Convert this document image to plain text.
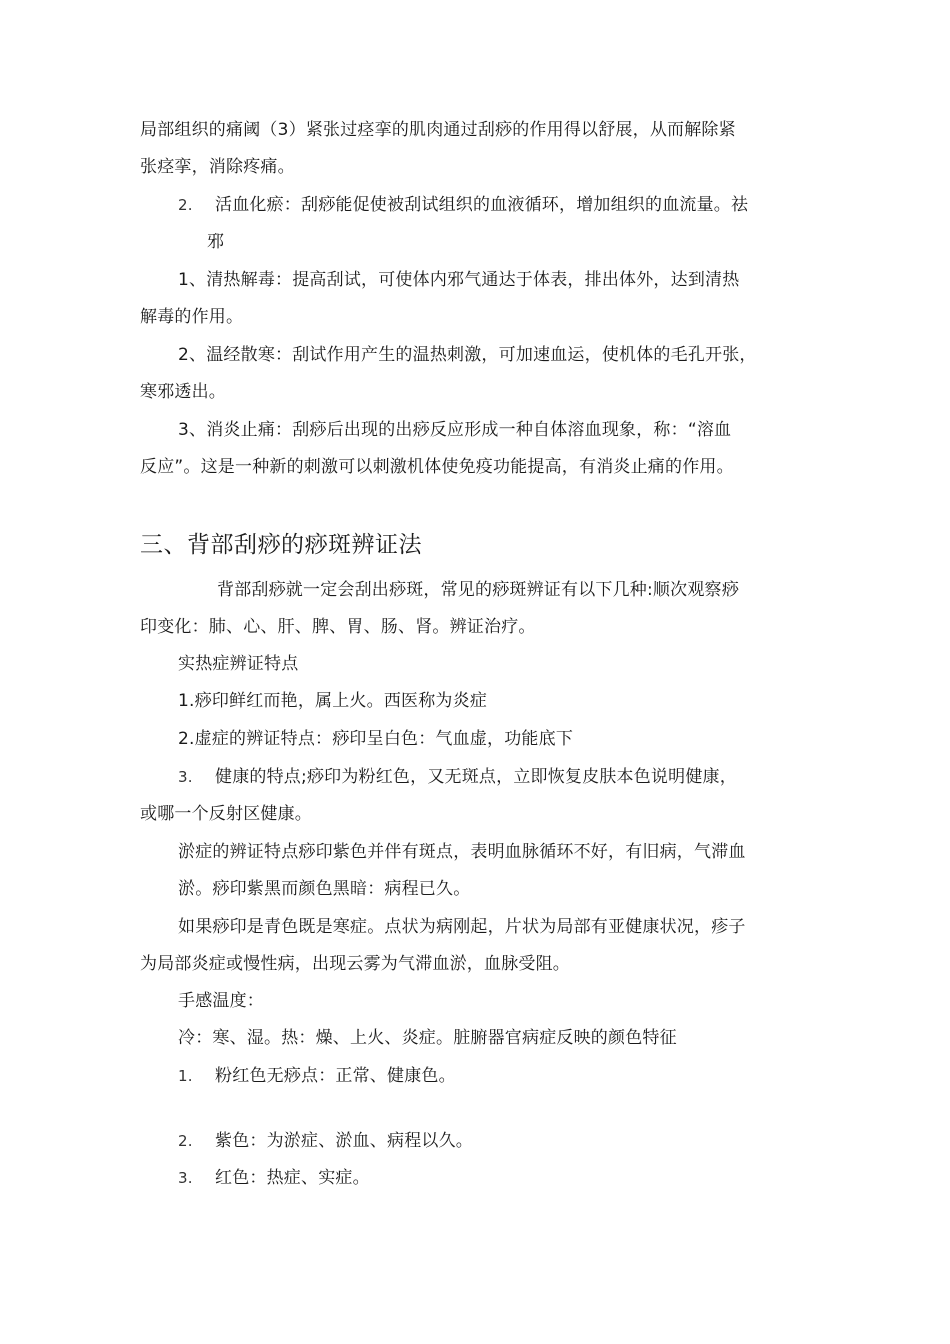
局部组织的痛阈（3）紧张过痉挛的肌肉通过刮痧的作用得以舒展，从而解除紧
张痉挛，消除疼痛。
2. 活血化瘀：刮痧能促使被刮试组织的血液循环，增加组织的血流量。祛
邪
1、清热解毒：提高刮试，可使体内邪气通达于体表，排出体外，达到清热
解毒的作用。
2、温经散寒：刮试作用产生的温热刺激，可加速血运，使机体的毛孔开张，
寒邪透出。
3、消炎止痛：刮痧后出现的出痧反应形成一种自体溶血现象，称：“溶血
反应”。这是一种新的刺激可以刺激机体使免疫功能提高，有消炎止痛的作用。
三、背部刮痧的痧斑辨证法
背部刮痧就一定会刮出痧斑，常见的痧斑辨证有以下几种:顺次观察痧
印变化：肺、心、肝、脾、胃、肠、肾。辨证治疗。
实热症辨证特点
1.痧印鲜红而艳，属上火。西医称为炎症
2.虚症的辨证特点：痧印呈白色：气血虚，功能底下
3. 健康的特点;痧印为粉红色，又无斑点，立即恢复皮肤本色说明健康，
或哪一个反射区健康。
淤症的辨证特点痧印紫色并伴有斑点，表明血脉循环不好，有旧病，气滞血
淤。痧印紫黑而颜色黑暗：病程已久。
如果痧印是青色既是寒症。点状为病刚起，片状为局部有亚健康状况，疹子
为局部炎症或慢性病，出现云雾为气滞血淤，血脉受阻。
手感温度：
冷：寒、湿。热：燥、上火、炎症。脏腑器官病症反映的颜色特征
1. 粉红色无痧点：正常、健康色。
2. 紫色：为淤症、淤血、病程以久。
3. 红色：热症、实症。
